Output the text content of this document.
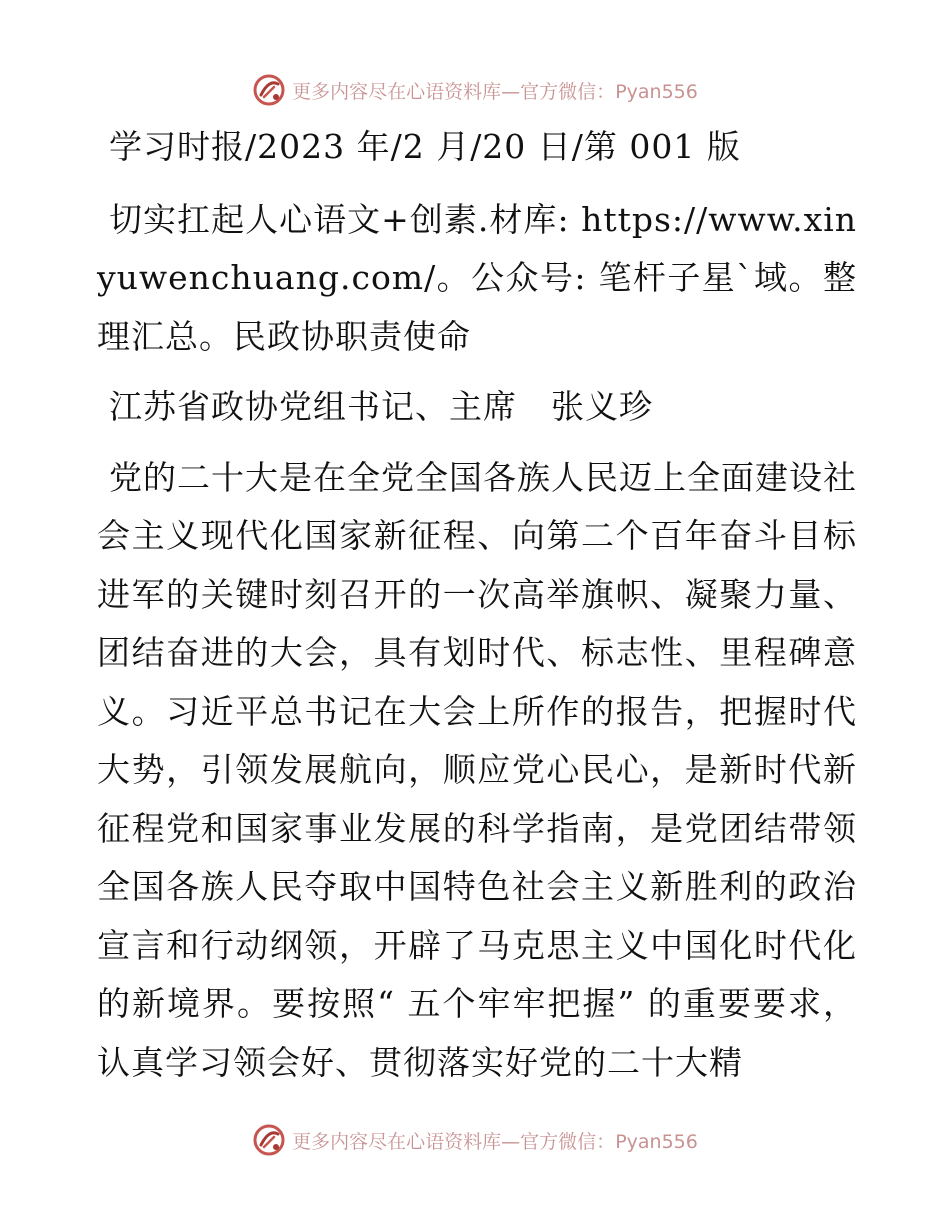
更多内容尽在心语资料库—官方微信：Pyan556

学习时报/2023 年/2 月/20 日/第 001 版

切实扛起人心语文+创素.材库: https://www.xinyuwenchuang.com/。公众号: 笔杆子星`域。整理汇总。民政协职责使命

江苏省政协党组书记、主席　张义珍

党的二十大是在全党全国各族人民迈上全面建设社会主义现代化国家新征程、向第二个百年奋斗目标进军的关键时刻召开的一次高举旗帜、凝聚力量、团结奋进的大会，具有划时代、标志性、里程碑意义。习近平总书记在大会上所作的报告，把握时代大势，引领发展航向，顺应党心民心，是新时代新征程党和国家事业发展的科学指南，是党团结带领全国各族人民夺取中国特色社会主义新胜利的政治宣言和行动纲领，开辟了马克思主义中国化时代化的新境界。要按照“ 五个牢牢把握” 的重要要求，认真学习领会好、贯彻落实好党的二十大精

更多内容尽在心语资料库—官方微信：Pyan556
